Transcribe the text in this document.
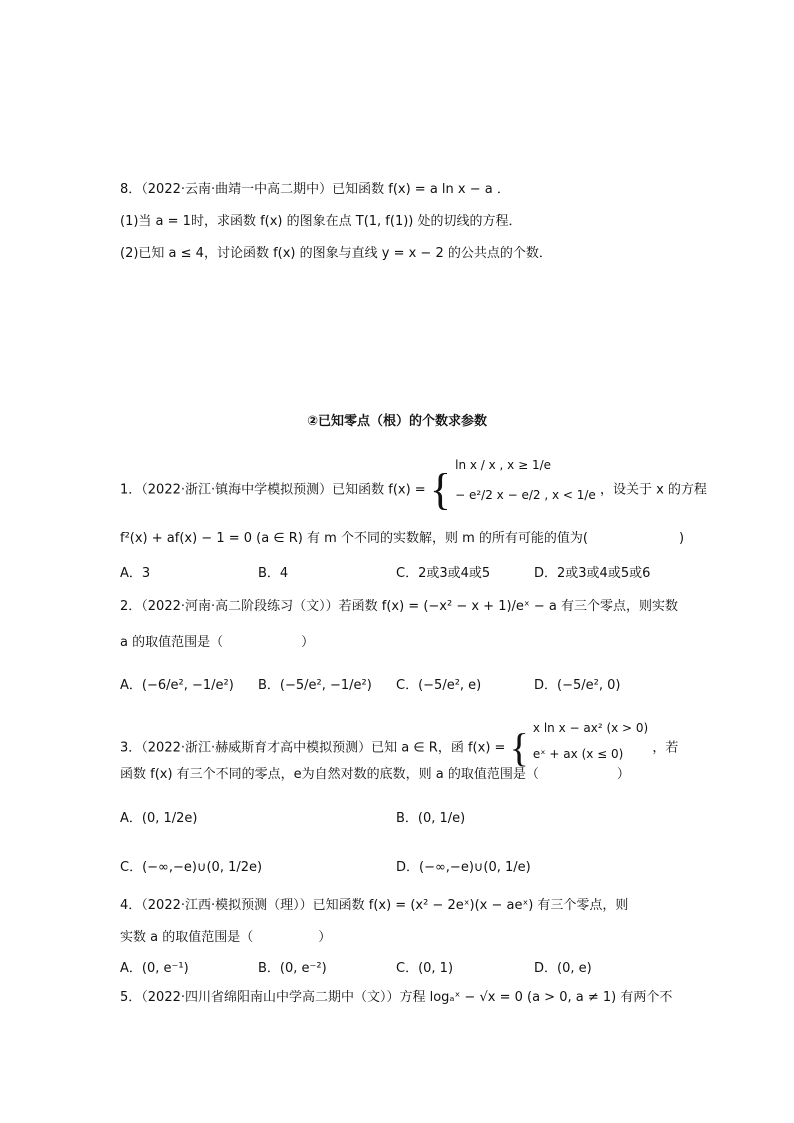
8．（2022·云南·曲靖一中高二期中）已知函数 f(x) = a ln x − a ．
(1)当 a = 1时，求函数 f(x) 的图象在点 T(1, f(1)) 处的切线的方程．
(2)已知 a ≤ 4，讨论函数 f(x) 的图象与直线 y = x − 2 的公共点的个数．
②已知零点（根）的个数求参数
1．（2022·浙江·镇海中学模拟预测）已知函数 f(x) = { ln x / x , x ≥ 1/e
− e²/2 x − e/2 , x < 1/e ，设关于 x 的方程
f²(x) + af(x) − 1 = 0 (a ∈ R) 有 m 个不同的实数解，则 m 的所有可能的值为(　　　　　　　)
A．3	B．4	C．2或3或4或5	D．2或3或4或5或6
2．（2022·河南·高二阶段练习（文））若函数 f(x) = (−x² − x + 1)/eˣ − a 有三个零点，则实数
a 的取值范围是（　　　　　　）
A．(−6/e², −1/e²)	B．(−5/e², −1/e²)	C．(−5/e², e)	D．(−5/e², 0)
3．（2022·浙江·赫威斯育才高中模拟预测）已知 a ∈ R，函 f(x) = { x ln x − ax² (x > 0)
eˣ + ax (x ≤ 0)	，若
函数 f(x) 有三个不同的零点，e为自然对数的底数，则 a 的取值范围是（　　　　　　）
A．(0, 1/2e)	B．(0, 1/e)
C．(−∞,−e)∪(0, 1/2e)	D．(−∞,−e)∪(0, 1/e)
4．（2022·江西·模拟预测（理））已知函数 f(x) = (x² − 2eˣ)(x − aeˣ) 有三个零点，则
实数 a 的取值范围是（　　　　　）
A．(0, e⁻¹)	B．(0, e⁻²)	C．(0, 1)	D．(0, e)
5．（2022·四川省绵阳南山中学高二期中（文））方程 logₐˣ − √x = 0 (a > 0, a ≠ 1) 有两个不
